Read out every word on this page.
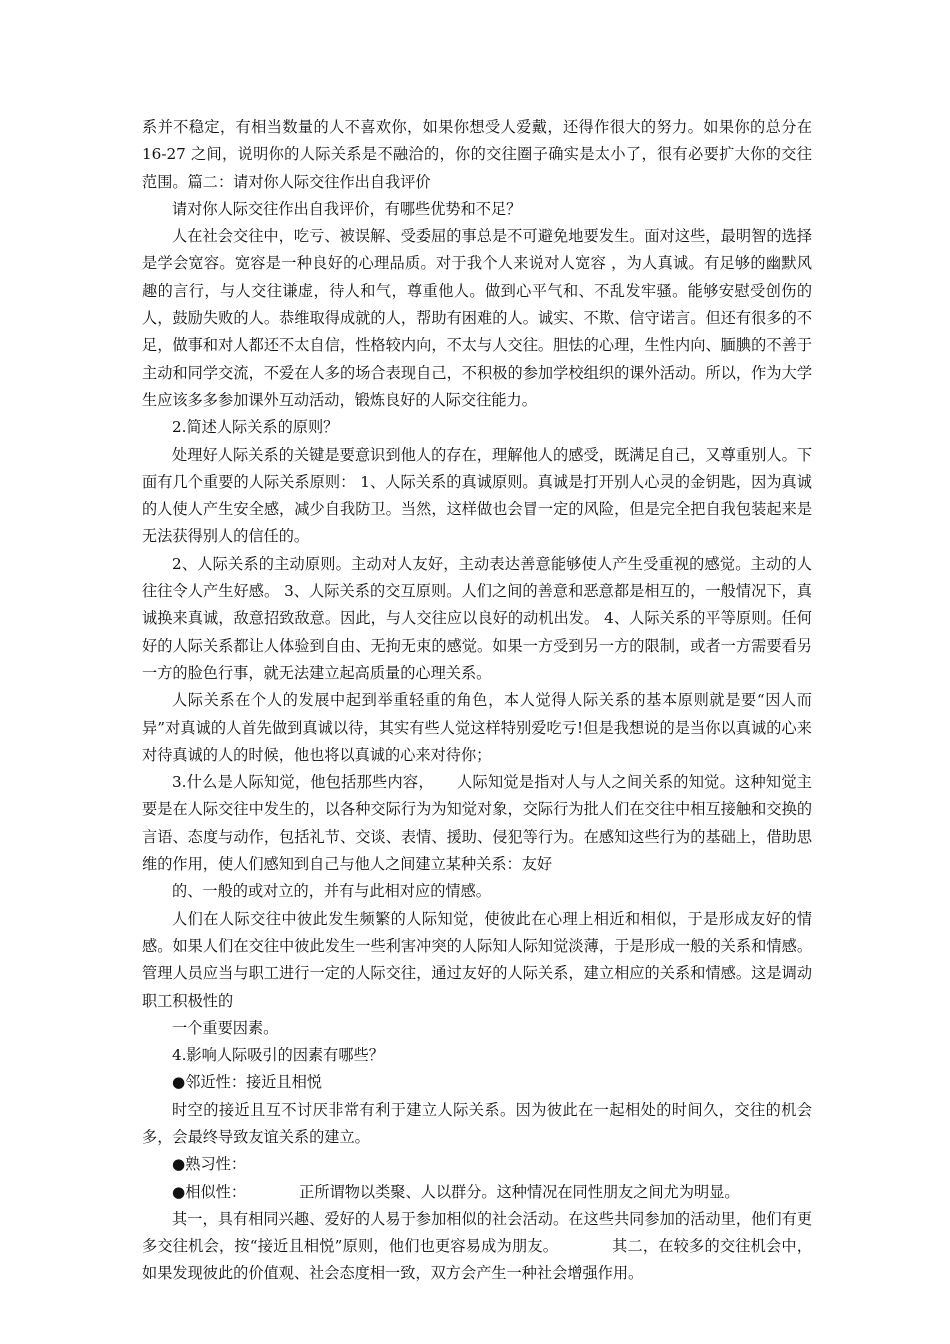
系并不稳定，有相当数量的人不喜欢你，如果你想受人爱戴，还得作很大的努力。如果你的总分在 16-27 之间，说明你的人际关系是不融洽的，你的交往圈子确实是太小了，很有必要扩大你的交往范围。篇二：请对你人际交往作出自我评价

请对你人际交往作出自我评价，有哪些优势和不足？

人在社会交往中，吃亏、被误解、受委屈的事总是不可避免地要发生。面对这些，最明智的选择是学会宽容。宽容是一种良好的心理品质。对于我个人来说对人宽容 ，为人真诚。有足够的幽默风趣的言行，与人交往谦虚，待人和气，尊重他人。做到心平气和、不乱发牢骚。能够安慰受创伤的人，鼓励失败的人。恭维取得成就的人，帮助有困难的人。诚实、不欺、信守诺言。但还有很多的不足，做事和对人都还不太自信，性格较内向，不太与人交往。胆怯的心理，生性内向、腼腆的不善于主动和同学交流，不爱在人多的场合表现自己，不积极的参加学校组织的课外活动。所以，作为大学生应该多多参加课外互动活动，锻炼良好的人际交往能力。

2.简述人际关系的原则？

处理好人际关系的关键是要意识到他人的存在，理解他人的感受，既满足自己，又尊重别人。下面有几个重要的人际关系原则： 1、人际关系的真诚原则。真诚是打开别人心灵的金钥匙，因为真诚的人使人产生安全感，减少自我防卫。当然，这样做也会冒一定的风险，但是完全把自我包装起来是无法获得别人的信任的。

2、人际关系的主动原则。主动对人友好，主动表达善意能够使人产生受重视的感觉。主动的人往往令人产生好感。 3、人际关系的交互原则。人们之间的善意和恶意都是相互的，一般情况下，真诚换来真诚，敌意招致敌意。因此，与人交往应以良好的动机出发。 4、人际关系的平等原则。任何好的人际关系都让人体验到自由、无拘无束的感觉。如果一方受到另一方的限制，或者一方需要看另一方的脸色行事，就无法建立起高质量的心理关系。

人际关系在个人的发展中起到举重轻重的角色，本人觉得人际关系的基本原则就是要“因人而异”对真诚的人首先做到真诚以待，其实有些人觉这样特别爱吃亏!但是我想说的是当你以真诚的心来对待真诚的人的时候，他也将以真诚的心来对待你；

3.什么是人际知觉，他包括那些内容，　　人际知觉是指对人与人之间关系的知觉。这种知觉主要是在人际交往中发生的，以各种交际行为为知觉对象，交际行为批人们在交往中相互接触和交换的言语、态度与动作，包括礼节、交谈、表情、援助、侵犯等行为。在感知这些行为的基础上，借助思维的作用，使人们感知到自己与他人之间建立某种关系：友好

的、一般的或对立的，并有与此相对应的情感。

人们在人际交往中彼此发生频繁的人际知觉，使彼此在心理上相近和相似，于是形成友好的情感。如果人们在交往中彼此发生一些利害冲突的人际知人际知觉淡薄，于是形成一般的关系和情感。管理人员应当与职工进行一定的人际交往，通过友好的人际关系，建立相应的关系和情感。这是调动职工积极性的

一个重要因素。

4.影响人际吸引的因素有哪些？

●邻近性：接近且相悦

时空的接近且互不讨厌非常有利于建立人际关系。因为彼此在一起相处的时间久，交往的机会多，会最终导致友谊关系的建立。

●熟习性：

●相似性：　　　　正所谓物以类聚、人以群分。这种情况在同性朋友之间尤为明显。

其一，具有相同兴趣、爱好的人易于参加相似的社会活动。在这些共同参加的活动里，他们有更多交往机会，按“接近且相悦”原则，他们也更容易成为朋友。　　　　其二，在较多的交往机会中，如果发现彼此的价值观、社会态度相一致，双方会产生一种社会增强作用。
